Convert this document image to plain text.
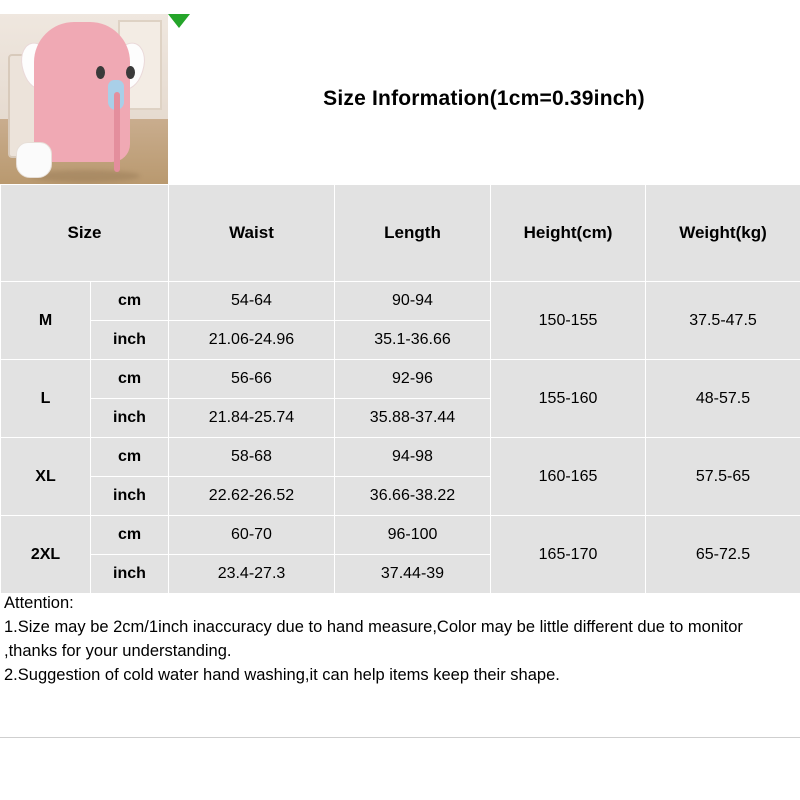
Size Information(1cm=0.39inch)
Size		Waist	Length	Height(cm)	Weight(kg)
M	cm	54-64	90-94	150-155	37.5-47.5
	inch	21.06-24.96	35.1-36.66		
L	cm	56-66	92-96	155-160	48-57.5
	inch	21.84-25.74	35.88-37.44		
XL	cm	58-68	94-98	160-165	57.5-65
	inch	22.62-26.52	36.66-38.22		
2XL	cm	60-70	96-100	165-170	65-72.5
	inch	23.4-27.3	37.44-39		
Attention:
1.Size may be 2cm/1inch inaccuracy due to hand measure,Color may be little different due to monitor ,thanks for your understanding.
2.Suggestion of cold water hand washing,it can help items keep their shape.
